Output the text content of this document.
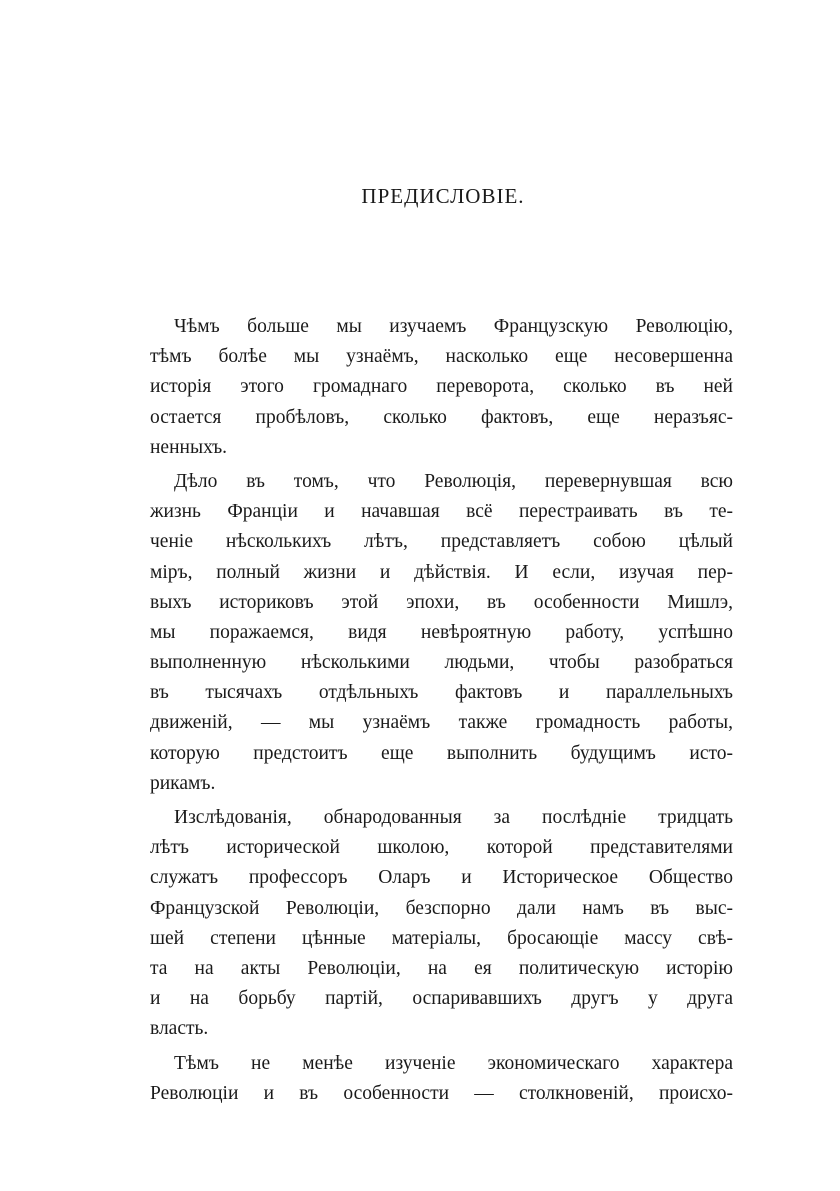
ПРЕДИСЛОВІЕ.
Чѣмъ больше мы изучаемъ Французскую Революцію,
тѣмъ болѣе мы узнаёмъ, насколько еще несовершенна
исторія этого громаднаго переворота, сколько въ ней
остается пробѣловъ, сколько фактовъ, еще неразъяс-
ненныхъ.
Дѣло въ томъ, что Революція, перевернувшая всю
жизнь Франціи и начавшая всё перестраивать въ те-
ченіе нѣсколькихъ лѣтъ, представляетъ собою цѣлый
міръ, полный жизни и дѣйствія. И если, изучая пер-
выхъ историковъ этой эпохи, въ особенности Мишлэ,
мы поражаемся, видя невѣроятную работу, успѣшно
выполненную нѣсколькими людьми, чтобы разобраться
въ тысячахъ отдѣльныхъ фактовъ и параллельныхъ
движеній, — мы узнаёмъ также громадность работы,
которую предстоитъ еще выполнить будущимъ исто-
рикамъ.
Изслѣдованія, обнародованныя за послѣдніе тридцать
лѣтъ исторической школою, которой представителями
служатъ профессоръ Оларъ и Историческое Общество
Французской Революціи, безспорно дали намъ въ выс-
шей степени цѣнные матеріалы, бросающіе массу свѣ-
та на акты Революціи, на ея политическую исторію
и на борьбу партій, оспаривавшихъ другъ у друга
власть.
Тѣмъ не менѣе изученіе экономическаго характера
Революціи и въ особенности — столкновеній, происхо-
